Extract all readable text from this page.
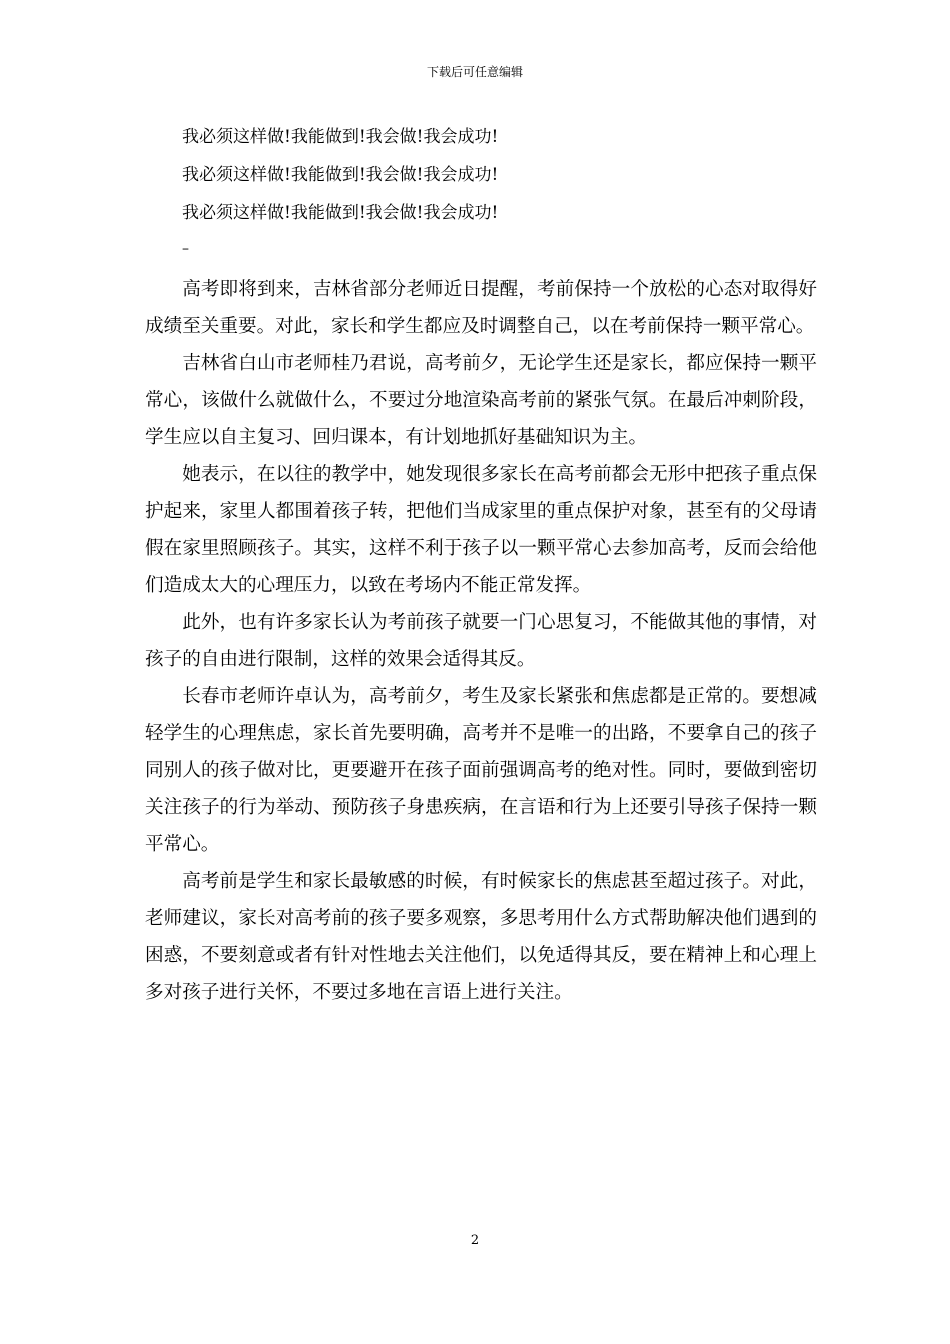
下载后可任意编辑
我必须这样做!我能做到!我会做!我会成功!
我必须这样做!我能做到!我会做!我会成功!
我必须这样做!我能做到!我会做!我会成功!
–

高考即将到来，吉林省部分老师近日提醒，考前保持一个放松的心态对取得好成绩至关重要。对此，家长和学生都应及时调整自己，以在考前保持一颗平常心。

吉林省白山市老师桂乃君说，高考前夕，无论学生还是家长，都应保持一颗平常心，该做什么就做什么，不要过分地渲染高考前的紧张气氛。在最后冲刺阶段，学生应以自主复习、回归课本，有计划地抓好基础知识为主。

她表示，在以往的教学中，她发现很多家长在高考前都会无形中把孩子重点保护起来，家里人都围着孩子转，把他们当成家里的重点保护对象，甚至有的父母请假在家里照顾孩子。其实，这样不利于孩子以一颗平常心去参加高考，反而会给他们造成太大的心理压力，以致在考场内不能正常发挥。

此外，也有许多家长认为考前孩子就要一门心思复习，不能做其他的事情，对孩子的自由进行限制，这样的效果会适得其反。

长春市老师许卓认为，高考前夕，考生及家长紧张和焦虑都是正常的。要想减轻学生的心理焦虑，家长首先要明确，高考并不是唯一的出路，不要拿自己的孩子同别人的孩子做对比，更要避开在孩子面前强调高考的绝对性。同时，要做到密切关注孩子的行为举动、预防孩子身患疾病，在言语和行为上还要引导孩子保持一颗平常心。

高考前是学生和家长最敏感的时候，有时候家长的焦虑甚至超过孩子。对此，老师建议，家长对高考前的孩子要多观察，多思考用什么方式帮助解决他们遇到的困惑，不要刻意或者有针对性地去关注他们，以免适得其反，要在精神上和心理上多对孩子进行关怀，不要过多地在言语上进行关注。

2
